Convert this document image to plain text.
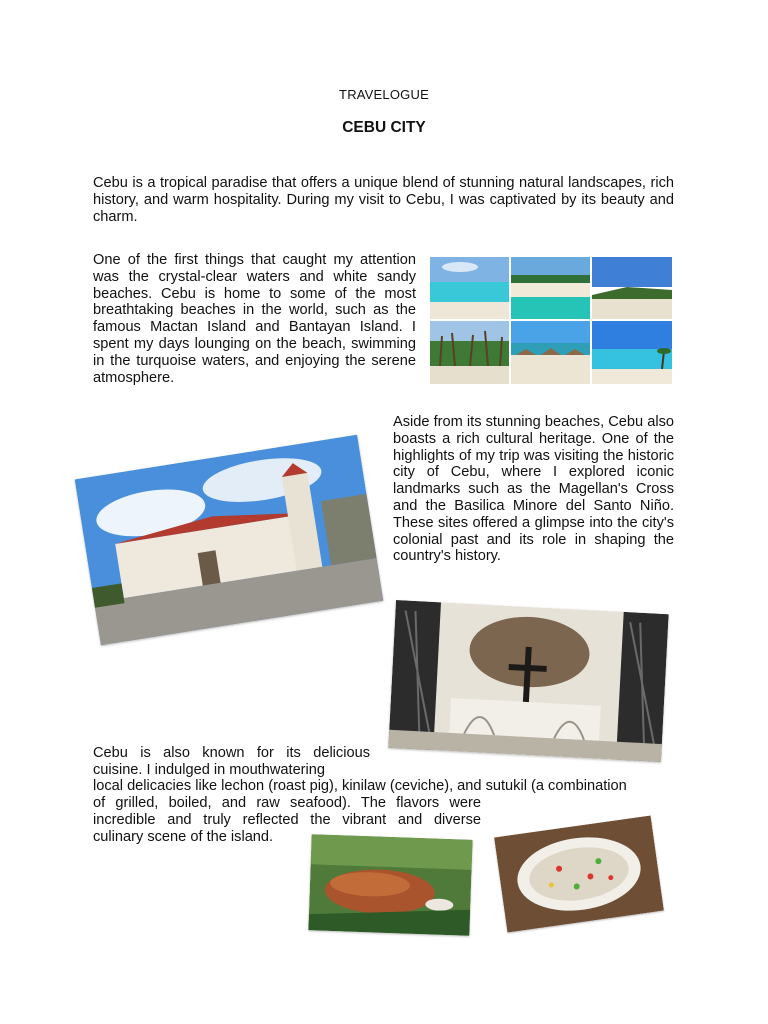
TRAVELOGUE
CEBU CITY

Cebu is a tropical paradise that offers a unique blend of stunning natural landscapes, rich history, and warm hospitality. During my visit to Cebu, I was captivated by its beauty and charm.

One of the first things that caught my attention was the crystal-clear waters and white sandy beaches. Cebu is home to some of the most breathtaking beaches in the world, such as the famous Mactan Island and Bantayan Island. I spent my days lounging on the beach, swimming in the turquoise waters, and enjoying the serene atmosphere.

Aside from its stunning beaches, Cebu also boasts a rich cultural heritage. One of the highlights of my trip was visiting the historic city of Cebu, where I explored iconic landmarks such as the Magellan's Cross and the Basilica Minore del Santo Niño. These sites offered a glimpse into the city's colonial past and its role in shaping the country's history.

Cebu is also known for its delicious cuisine. I indulged in mouthwatering

local delicacies like lechon (roast pig), kinilaw (ceviche), and sutukil (a combination

of grilled, boiled, and raw seafood). The flavors were incredible and truly reflected the vibrant and diverse culinary scene of the island.
